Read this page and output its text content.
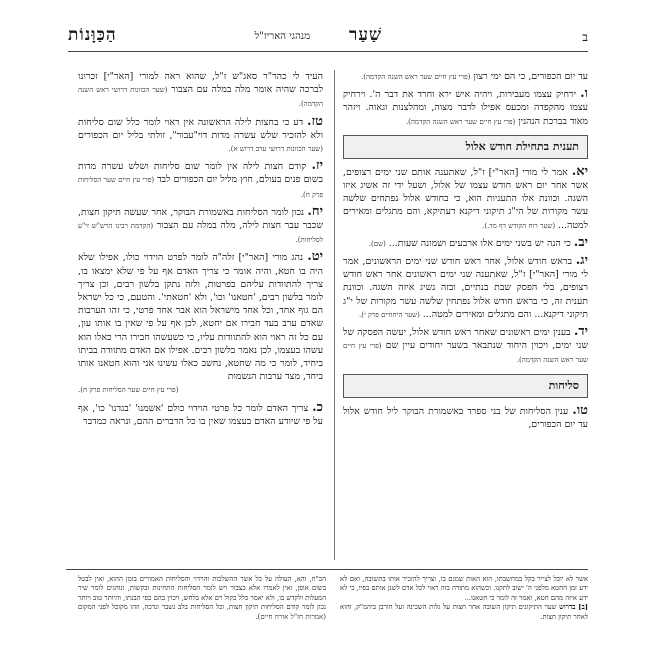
ב
שַׁעַר
מנהגי האריז"ל
הַכַּוָּנוֹת

עד יום הכפורים, כי הם ימי רצון (פרי עץ חיים שער ראש השנה הקדמה).

ו. ירחיק עצמו מעבירות, ויהיה איש ירא וחרד את דבר ה'. וירחיק עצמו מהקפדה ומכעס אפילו לדבר מצוה, ומהלצנות וגאוה. ויזהר מאוד בברכת הנהנין (פרי עץ חיים שער ראש השנה הקדמה).

תענית בתחילת חודש אלול

יא. אמר לי מורי [האר"י] ז"ל, שאתענה אותם שני ימים רצופים, אשר אחר יום ראש חודש עצמו של אלול, ושעל ידי זה אשיג איזו השגה. וכוונת אלו התעניות הוא, כי בחודש אלול נפתחים שלשה עשר מקורות של הי"ג תיקוני דיקנא דעתיקא, והם מתגלים ומאירים למטה... (שער רוח הקודש דף מד.).

יב. כי הנה יש בשני ימים אלו ארבעים ושמונה שעות... (שם).

יג. בראש חודש אלול, אחר ראש חודש שני ימים הראשונים, אמר לי מורי [האר"י] ז"ל, שאתענה שני ימים ראשונים אחר ראש חודש רצופים, בלי הפסק שבת בנתיים, ובזה נשיג איזה השגה. וכוונת תענית זה, כי בראש חודש אלול נפתחין שלשה עשר מקורות של י"ג תיקוני דיקנא... והם מתגלים ומאירים למטה... (שער היחודים פרק י).

יד. בענין ימים ראשונים שאחר ראש חודש אלול, יעשה הפסקה של שני ימים, ויכוין היחוד שנתבאר בשער יחודים עיין שם (פרי עץ חיים שער ראש השנה הקדמה).

סליחות

טו. ענין הסליחות של בני ספרד באשמורת הבוקר ליל חודש אלול עד יום הכפורים,

העיד לי כהר"ר סאג"ש ז"ל, שהוא ראה למורי [האר"י] זכרונו לברכה שהיה אומר מלה במלה עם הצבור (שער הכוונות דרושי ראש השנה הקדמה).

טז. דע כי בחצות לילה הראשונה אין ראוי לומר כלל שום סליחות ולא להזכיר שלש עשרה מדות דוי"עבור", זולתי בליל יום הכפורים (שער הכוונות דרושי ערב דרוש א).

יז. קודם חצות לילה אין לומר שום סליחות ושלש עשרה מדות בשום פנים בעולם, חוץ מליל יום הכפורים לבד (פרי עץ חיים שער הסליחות פרק ח).

יח. נכון לומר הסליחות באשמורת הבוקר, אחר שעשה תיקון חצות, שכבר עבר חצות לילה, מלה במלה עם הצבור (הקדמת רבינו הרש"ש זי"ע לסליחות).

יט. נהג מורי [האר"י] זלה"ה לומר לפרט הוידוי כולו, אפילו שלא היה בו חטא, והיה אומר כי צריך האדם אף על פי שלא ימצאו בו, צריך להתוודות עליהם בפרטות, ולזה נתקן בלשון רבים, וכן צריך לומר בלשון רבים, 'חטאנו' וכו', ולא 'חטאתי'. והטעם, כי כל ישראל הם גוף אחד, וכל אחד מישראל הוא אבר אחד פרטי, כי זהו הערבות שאדם ערב בעד חבירו אם יחטא, לכן אף על פי שאין בו אותו עון, עם כל זה ראוי הוא להתוודות עליו, כי כשעשהו חבירו הרי כאלו הוא עשהו בעצמו, לכן נאמר בלשון רבים. אפילו אם האדם מתוודה בביתו ביחיד, לומר כי מה שחטא, נחשב כאלו עשינו אני והוא חטאנו אותו ביחד, מצד ערבות הנשמות
(פרי עץ חיים שער הסליחות פרק ח).

כ. צריך האדם לומר כל פרטי הוידוי כולם 'אשמנו' 'בגדנו' כו', אף על פי שיודע האדם בעצמו שאין בו כל הדברים ההם, ונראה כמדבר

אשר לא יוכל לצייר בקל במחשבתו, הוא האות שמגם בו, וצריך להזכיר אותו בתשובה, ואם לא ידע זמן החטא מלפני ה' ישוב לתקנו. וכשהוא מתודה בזה ראוי לכל אדם לשנן אותם בפיו, כי לא ידע איזה מהם חטא, ואמר זה לומר כי חטאנו...

[ב] בדרוש שער התיקונים תיקון השובה אחר חצות על גלות השכינה ועל חורבן ביהמ"ק, והוא לאחר תיקון חצות.

הכ"ח, והא, העולה על כל אשר ההשלכות והוידוי והסליחות האמורים בזמן ההוא, ואין לבטל בשום אופן, ואין לאמרו אלא בצבור ויש לומר הסליחות התחינות ובקשות, ונוהגים לומר שיר המעלות ולקדש בו, ולא יאמר כלל בקול רם אלא בלחש, ויכוין בהם כפי הבנתו, והיותר טוב ויותר נכון לומר קודם הסליחות תיקון חצות, וכל הסליחות בלב נשבר ונדכה, וזהו מקובל לפני המקום (אמרות חז"ל אורח חיים).
